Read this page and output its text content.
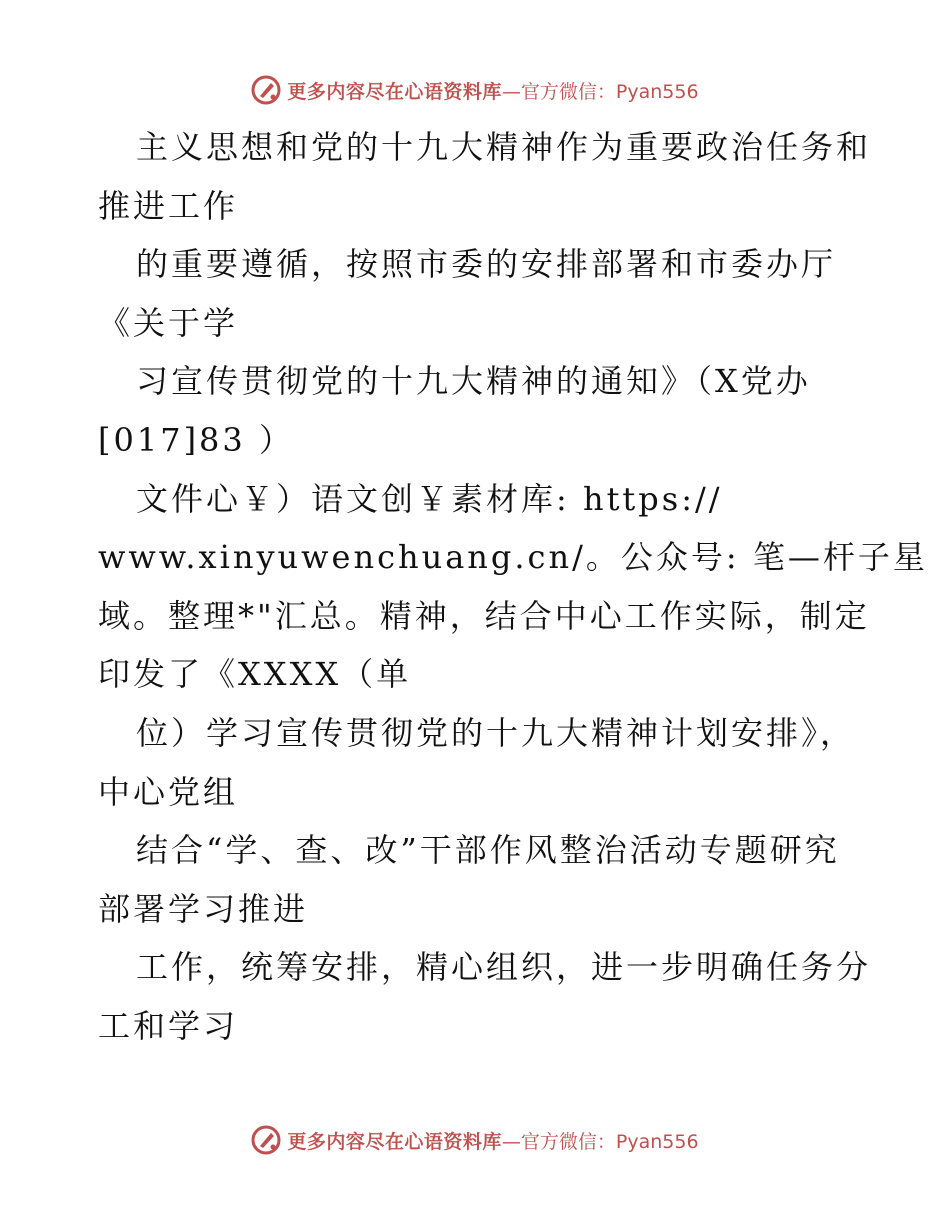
更多内容尽在心语资料库 —官方微信：Pyan556
主义思想和党的十九大精神作为重要政治任务和
推进工作
的重要遵循，按照市委的安排部署和市委办厅
《关于学
习宣传贯彻党的十九大精神的通知》（X党办
[017]83 ）
文件心￥）语文创￥素材库: https://
www.xinyuwenchuang.cn/。公众号: 笔—杆子星
域。整理*"汇总。精神，结合中心工作实际，制定
印发了《XXXX（单
位）学习宣传贯彻党的十九大精神计划安排》，
中心党组
结合“学、查、改”干部作风整治活动专题研究
部署学习推进
工作，统筹安排，精心组织，进一步明确任务分
工和学习
更多内容尽在心语资料库 —官方微信：Pyan556
